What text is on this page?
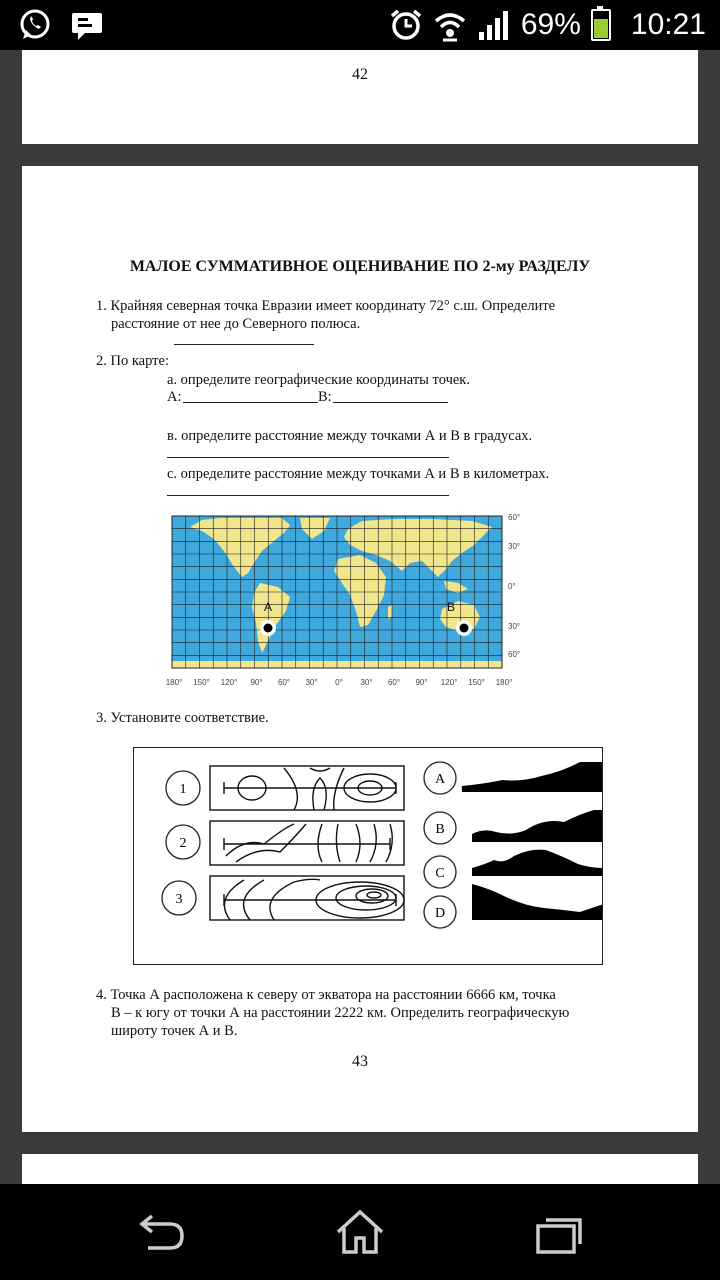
69% 10:21
42
МАЛОЕ СУММАТИВНОЕ ОЦЕНИВАНИЕ ПО 2-му РАЗДЕЛУ
1. Крайняя северная точка Евразии имеет координату 72° с.ш. Определите
расстояние от нее до Северного полюса.
2. По карте:
а. определите географические координаты точек.
А:	В:
в. определите расстояние между точками А и В в градусах.
с. определите расстояние между точками А и В в километрах.
60°
30°
0°
30°
60°
180° 150° 120° 90° 60° 30° 0° 30° 60° 90° 120° 150° 180°
A	B
3. Установите соответствие.
1
2
3
A
B
C
D
4. Точка А расположена к северу от экватора на расстоянии 6666 км, точка
В – к югу от точки А на расстоянии 2222 км. Определить географическую
широту точек А и В.
43
